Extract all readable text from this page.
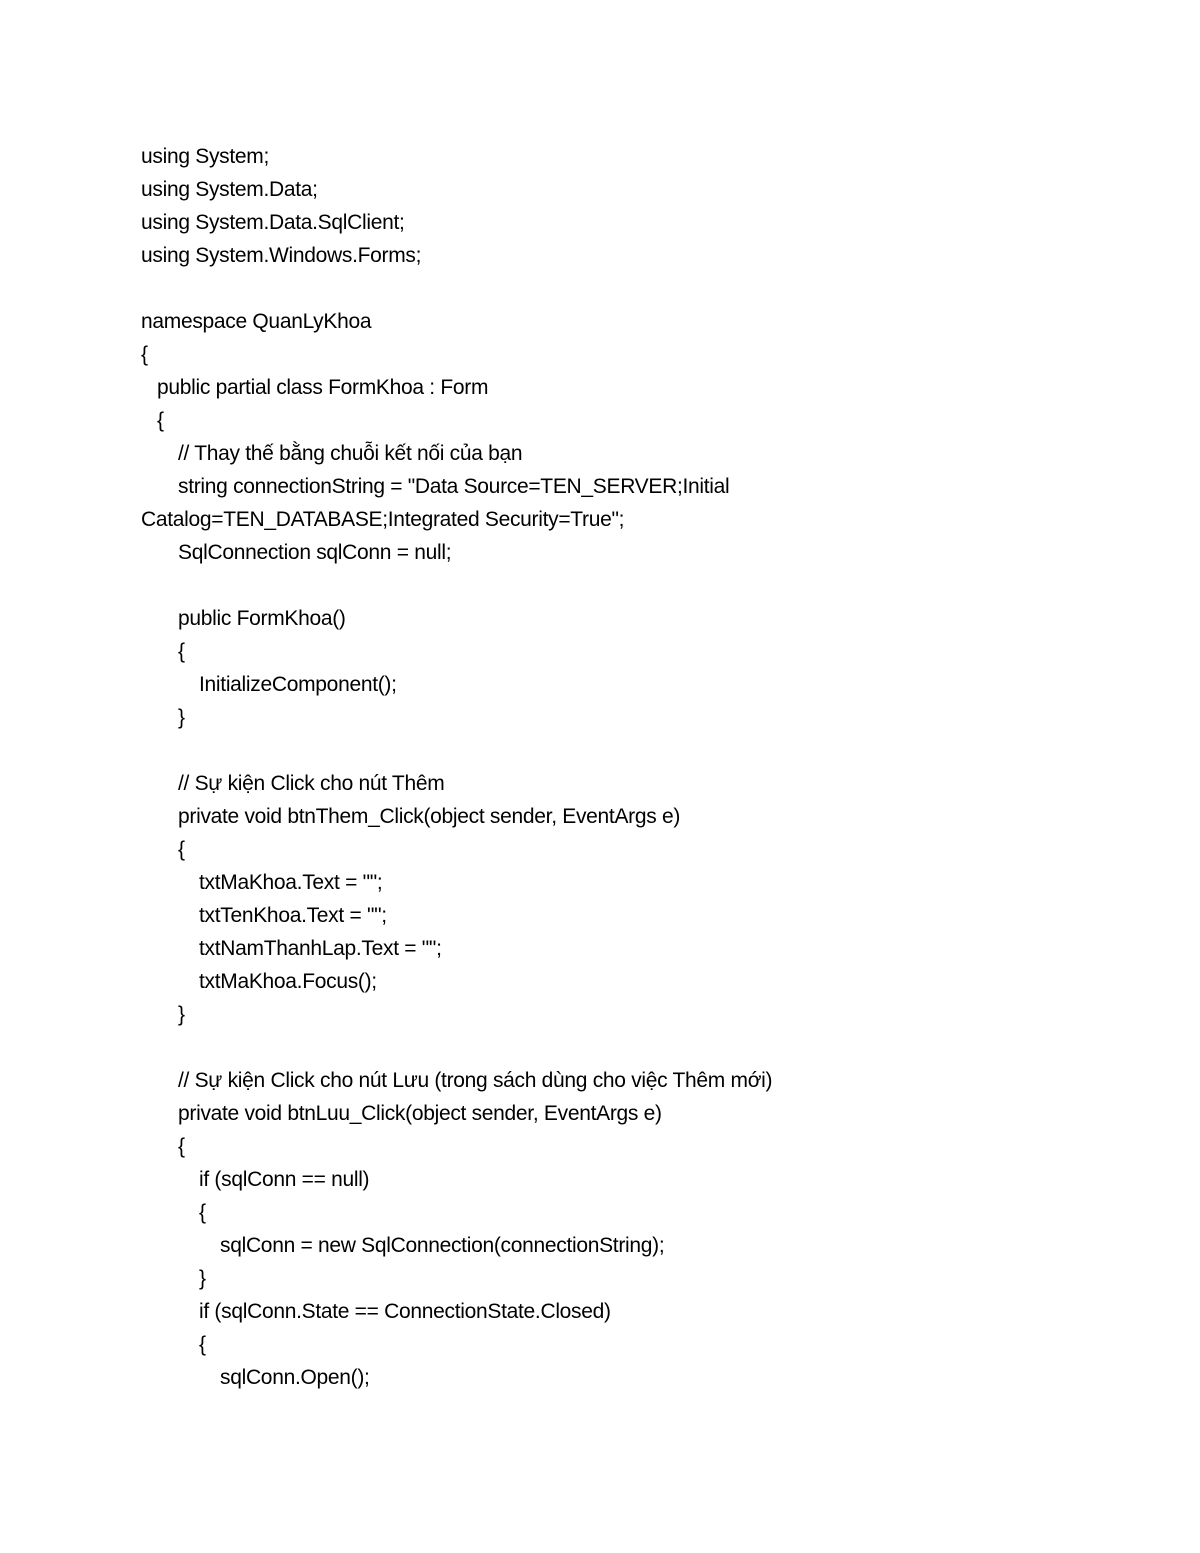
using System;
using System.Data;
using System.Data.SqlClient;
using System.Windows.Forms;
namespace QuanLyKhoa
{
public partial class FormKhoa : Form
{
// Thay thế bằng chuỗi kết nối của bạn
string connectionString = "Data Source=TEN_SERVER;Initial
Catalog=TEN_DATABASE;Integrated Security=True";
SqlConnection sqlConn = null;
public FormKhoa()
{
InitializeComponent();
}
// Sự kiện Click cho nút Thêm
private void btnThem_Click(object sender, EventArgs e)
{
txtMaKhoa.Text = "";
txtTenKhoa.Text = "";
txtNamThanhLap.Text = "";
txtMaKhoa.Focus();
}
// Sự kiện Click cho nút Lưu (trong sách dùng cho việc Thêm mới)
private void btnLuu_Click(object sender, EventArgs e)
{
if (sqlConn == null)
{
sqlConn = new SqlConnection(connectionString);
}
if (sqlConn.State == ConnectionState.Closed)
{
sqlConn.Open();
